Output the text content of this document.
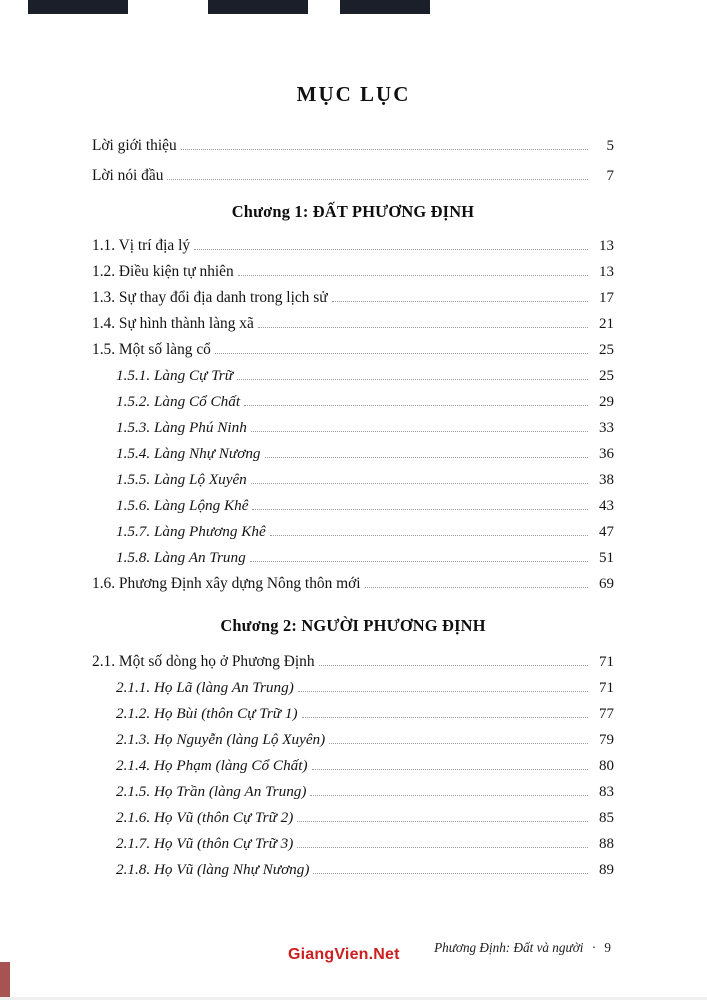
MỤC LỤC
Lời giới thiệu	5
Lời nói đầu	7
Chương 1: ĐẤT PHƯƠNG ĐỊNH
1.1. Vị trí địa lý	13
1.2. Điều kiện tự nhiên	13
1.3. Sự thay đổi địa danh trong lịch sử	17
1.4. Sự hình thành làng xã	21
1.5. Một số làng cổ	25
1.5.1. Làng Cự Trữ	25
1.5.2. Làng Cổ Chất	29
1.5.3. Làng Phú Ninh	33
1.5.4. Làng Nhự Nương	36
1.5.5. Làng Lộ Xuyên	38
1.5.6. Làng Lộng Khê	43
1.5.7. Làng Phương Khê	47
1.5.8. Làng An Trung	51
1.6. Phương Định xây dựng Nông thôn mới	69
Chương 2: NGƯỜI PHƯƠNG ĐỊNH
2.1. Một số dòng họ ở Phương Định	71
2.1.1. Họ Lã (làng An Trung)	71
2.1.2. Họ Bùi (thôn Cự Trữ 1)	77
2.1.3. Họ Nguyễn (làng Lộ Xuyên)	79
2.1.4. Họ Phạm (làng Cổ Chất)	80
2.1.5. Họ Trần (làng An Trung)	83
2.1.6. Họ Vũ (thôn Cự Trữ 2)	85
2.1.7. Họ Vũ (thôn Cự Trữ 3)	88
2.1.8. Họ Vũ (làng Nhự Nương)	89
Phương Định: Đất và người · 9
GiangVien.Net
